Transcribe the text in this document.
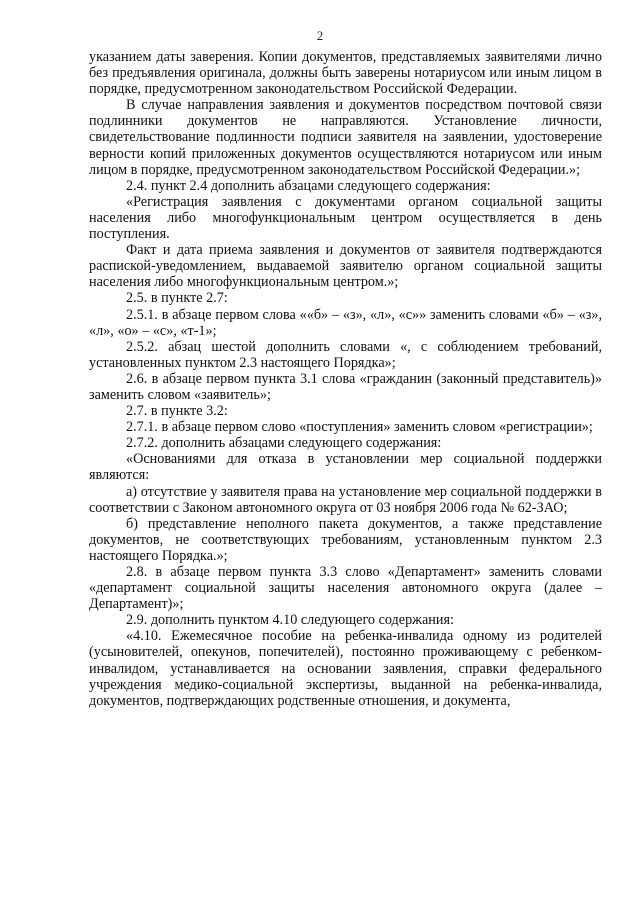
2

указанием даты заверения. Копии документов, представляемых заявителями лично без предъявления оригинала, должны быть заверены нотариусом или иным лицом в порядке, предусмотренном законодательством Российской Федерации.

В случае направления заявления и документов посредством почтовой связи подлинники документов не направляются. Установление личности, свидетельствование подлинности подписи заявителя на заявлении, удостоверение верности копий приложенных документов осуществляются нотариусом или иным лицом в порядке, предусмотренном законодательством Российской Федерации.»;

2.4. пункт 2.4 дополнить абзацами следующего содержания:

«Регистрация заявления с документами органом социальной защиты населения либо многофункциональным центром осуществляется в день поступления.

Факт и дата приема заявления и документов от заявителя подтверждаются распиской-уведомлением, выдаваемой заявителю органом социальной защиты населения либо многофункциональным центром.»;

2.5. в пункте 2.7:

2.5.1. в абзаце первом слова ««б» – «з», «л», «с»» заменить словами «б» – «з», «л», «о» – «с», «т-1»;

2.5.2. абзац шестой дополнить словами «, с соблюдением требований, установленных пунктом 2.3 настоящего Порядка»;

2.6. в абзаце первом пункта 3.1 слова «гражданин (законный представитель)» заменить словом «заявитель»;

2.7. в пункте 3.2:

2.7.1. в абзаце первом слово «поступления» заменить словом «регистрации»;

2.7.2. дополнить абзацами следующего содержания:

«Основаниями для отказа в установлении мер социальной поддержки являются:

а) отсутствие у заявителя права на установление мер социальной поддержки в соответствии с Законом автономного округа от 03 ноября 2006 года № 62-ЗАО;

б) представление неполного пакета документов, а также представление документов, не соответствующих требованиям, установленным пунктом 2.3 настоящего Порядка.»;

2.8. в абзаце первом пункта 3.3 слово «Департамент» заменить словами «департамент социальной защиты населения автономного округа (далее – Департамент)»;

2.9. дополнить пунктом 4.10 следующего содержания:

«4.10. Ежемесячное пособие на ребенка-инвалида одному из родителей (усыновителей, опекунов, попечителей), постоянно проживающему с ребенком-инвалидом, устанавливается на основании заявления, справки федерального учреждения медико-социальной экспертизы, выданной на ребенка-инвалида, документов, подтверждающих родственные отношения, и документа,
